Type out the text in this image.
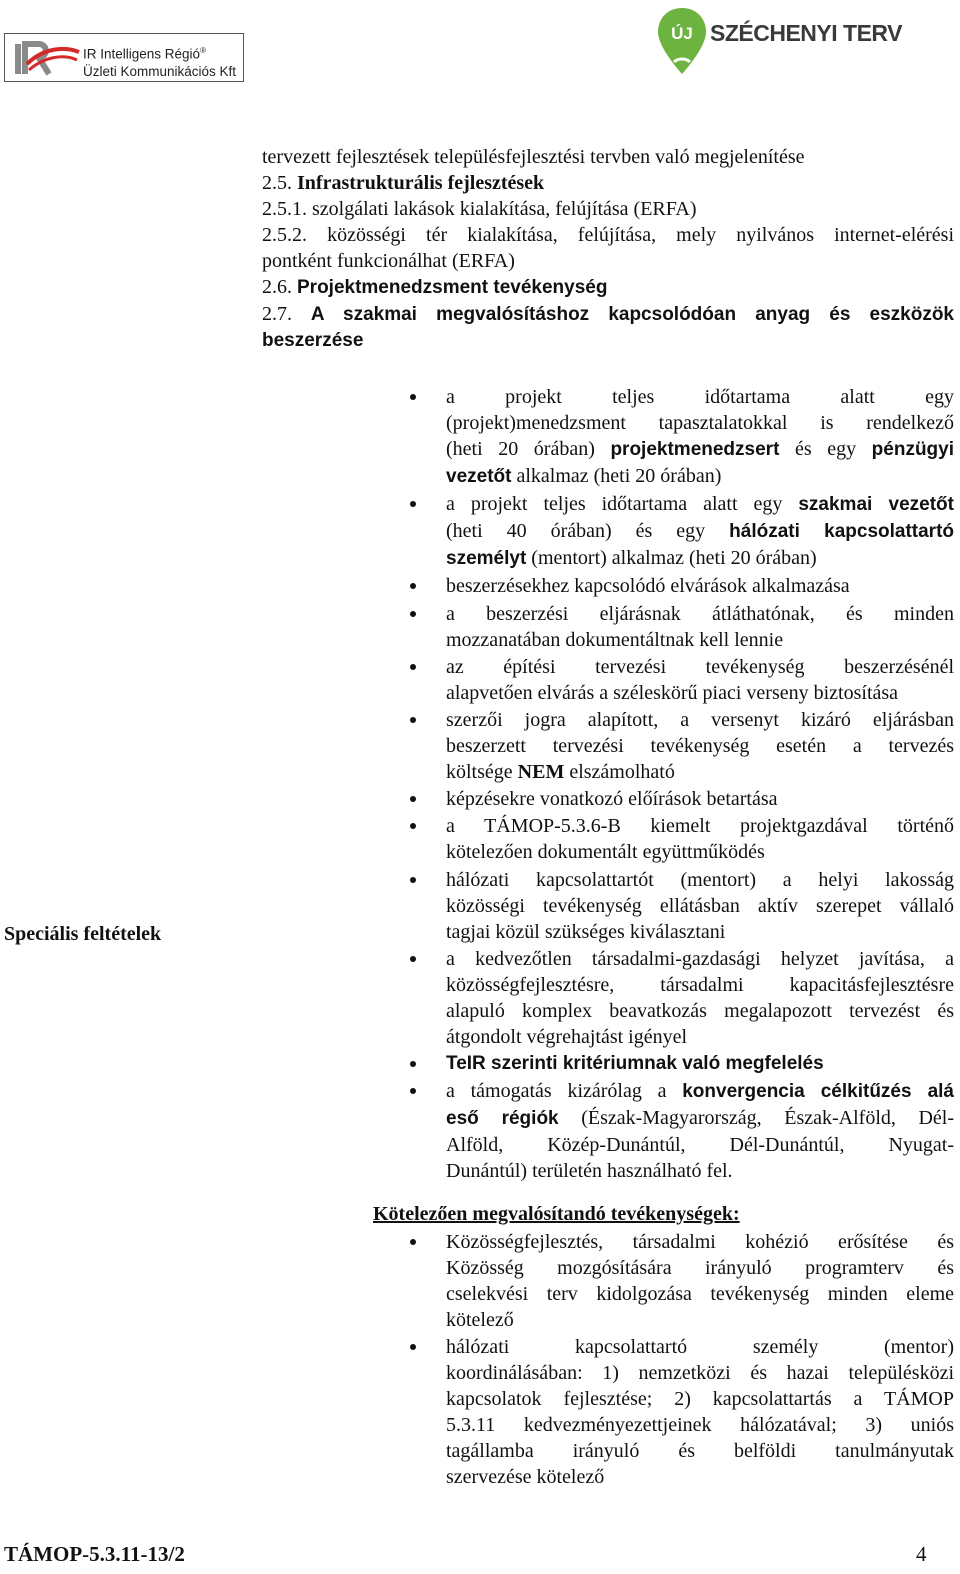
IR Intelligens Régió®
Üzleti Kommunikációs Kft
ÚJ SZÉCHENYI TERV
tervezett fejlesztések településfejlesztési tervben való megjelenítése
2.5. Infrastrukturális fejlesztések
2.5.1. szolgálati lakások kialakítása, felújítása (ERFA)
2.5.2. közösségi tér kialakítása, felújítása, mely nyilvános internet-elérési
pontként funkcionálhat (ERFA)
2.6. Projektmenedzsment tevékenység
2.7. A szakmai megvalósításhoz kapcsolódóan anyag és eszközök
beszerzése
Speciális feltételek
a projekt teljes időtartama alatt egy
(projekt)menedzsment tapasztalatokkal is rendelkező
(heti 20 órában) projektmenedzsert és egy pénzügyi
vezetőt alkalmaz (heti 20 órában)
a projekt teljes időtartama alatt egy szakmai vezetőt
(heti 40 órában) és egy hálózati kapcsolattartó
személyt (mentort) alkalmaz (heti 20 órában)
beszerzésekhez kapcsolódó elvárások alkalmazása
a beszerzési eljárásnak átláthatónak, és minden
mozzanatában dokumentáltnak kell lennie
az építési tervezési tevékenység beszerzésénél
alapvetően elvárás a széleskörű piaci verseny biztosítása
szerzői jogra alapított, a versenyt kizáró eljárásban
beszerzett tervezési tevékenység esetén a tervezés
költsége NEM elszámolható
képzésekre vonatkozó előírások betartása
a TÁMOP-5.3.6-B kiemelt projektgazdával történő
kötelezően dokumentált együttműködés
hálózati kapcsolattartót (mentort) a helyi lakosság
közösségi tevékenység ellátásban aktív szerepet vállaló
tagjai közül szükséges kiválasztani
a kedvezőtlen társadalmi-gazdasági helyzet javítása, a
közösségfejlesztésre, társadalmi kapacitásfejlesztésre
alapuló komplex beavatkozás megalapozott tervezést és
átgondolt végrehajtást igényel
TeIR szerinti kritériumnak való megfelelés
a támogatás kizárólag a konvergencia célkitűzés alá
eső régiók (Észak-Magyarország, Észak-Alföld, Dél-
Alföld, Közép-Dunántúl, Dél-Dunántúl, Nyugat-
Dunántúl) területén használható fel.
Kötelezően megvalósítandó tevékenységek:
Közösségfejlesztés, társadalmi kohézió erősítése és
Közösség mozgósítására irányuló programterv és
cselekvési terv kidolgozása tevékenység minden eleme
kötelező
hálózati kapcsolattartó személy (mentor)
koordinálásában: 1) nemzetközi és hazai településközi
kapcsolatok fejlesztése; 2) kapcsolattartás a TÁMOP
5.3.11 kedvezményezettjeinek hálózatával; 3) uniós
tagállamba irányuló és belföldi tanulmányutak
szervezése kötelező
TÁMOP-5.3.11-13/2	4
